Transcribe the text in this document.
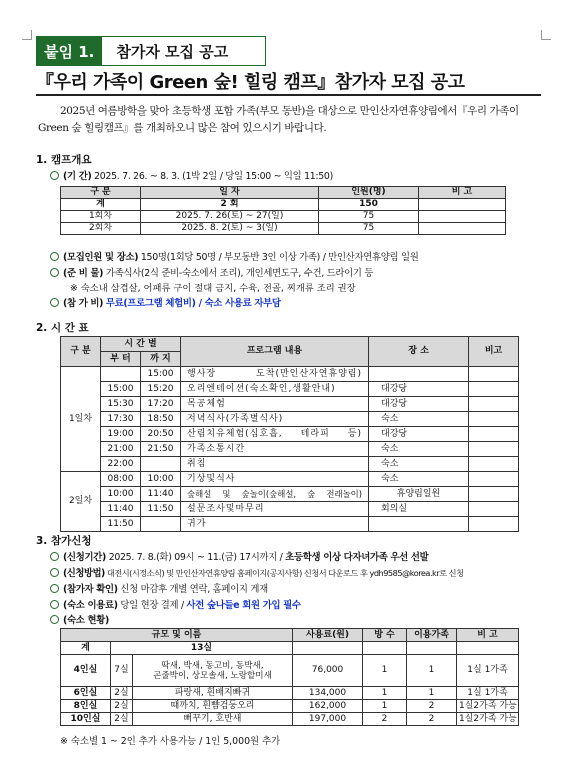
붙임 1.	참가자 모집 공고
『우리 가족이 Green 숲! 힐링 캠프』참가자 모집 공고
2025년 여름방학을 맞아 초등학생 포함 가족(부모 동반)을 대상으로 만인산자연휴양림에서『우리 가족이 Green 숲 힐링캠프』를 개최하오니 많은 참여 있으시기 바랍니다.
1. 캠프개요
(기 간) 2025. 7. 26. ~ 8. 3. (1박 2일 / 당일 15:00 ~ 익일 11:50)
구 분	일 자	인원(명)	비 고
계	2 회	150	
1회차	2025. 7. 26(토) ~ 27(일)	75	
2회차	2025. 8. 2(토) ~ 3(일)	75	
(모집인원 및 장소) 150명(1회당 50명 / 부모동반 3인 이상 가족) / 만인산자연휴양림 일원
(준 비 물) 가족식사(2식 준비-숙소에서 조리), 개인세면도구, 수건, 드라이기 등
※ 숙소내 삼겹살, 어패류 구이 절대 금지, 수육, 전골, 찌개류 조리 권장
(참 가 비) 무료(프로그램 체험비) / 숙소 사용료 자부담
2. 시 간 표
구 분	시 간 별		프로그램 내용	장 소	비고
	부 터	까 지			
1일차		15:00	행사장 도착(만인산자연휴양림)		
	15:00	15:20	오리엔테이션(숙소확인,생활안내)	대강당	
	15:30	17:20	목공체험	대강당	
	17:30	18:50	저녁식사(가족별식사)	숙소	
	19:00	20:50	산림치유체험(심호흡, 테라피 등)	대강당	
	21:00	21:50	가족소통시간	숙소	
	22:00		취침	숙소	
2일차	08:00	10:00	기상및식사	숙소	
	10:00	11:40	숲해설 및 숲놀이(숲해설, 숲 전래놀이)	휴양림일원	
	11:40	11:50	설문조사및마무리	회의실	
	11:50		귀가		
3. 참가신청
(신청기간) 2025. 7. 8.(화) 09시 ~ 11.(금) 17시까지 / 초등학생 이상 다자녀가족 우선 선발
(신청방법) 대전시(시정소식) 및 만인산자연휴양림 홈페이지(공지사항) 신청서 다운로드 후 ydh9585@korea.kr로 신청
(참가자 확인) 신청 마감후 개별 연락, 홈페이지 게재
(숙소 이용료) 당일 현장 결제 / 사전 숲나들e 회원 가입 필수
(숙소 현황)
규모 및 이름			사용료(원)	방 수	이용가족	비 고
계	13실					
4인실	7실	딱새, 박새, 동고비, 동박새,
곤줄박이, 상모솔새, 노랑할미새	76,000	1	1	1실 1가족
6인실	2실	파랑새, 흰배지빠귀	134,000	1	1	1실 1가족
8인실	2실	때까치, 흰뺨검둥오리	162,000	1	2	1실2가족 가능
10인실	2실	뻐꾸기, 호반새	197,000	2	2	1실2가족 가능
※ 숙소별 1 ~ 2인 추가 사용가능 / 1인 5,000원 추가
